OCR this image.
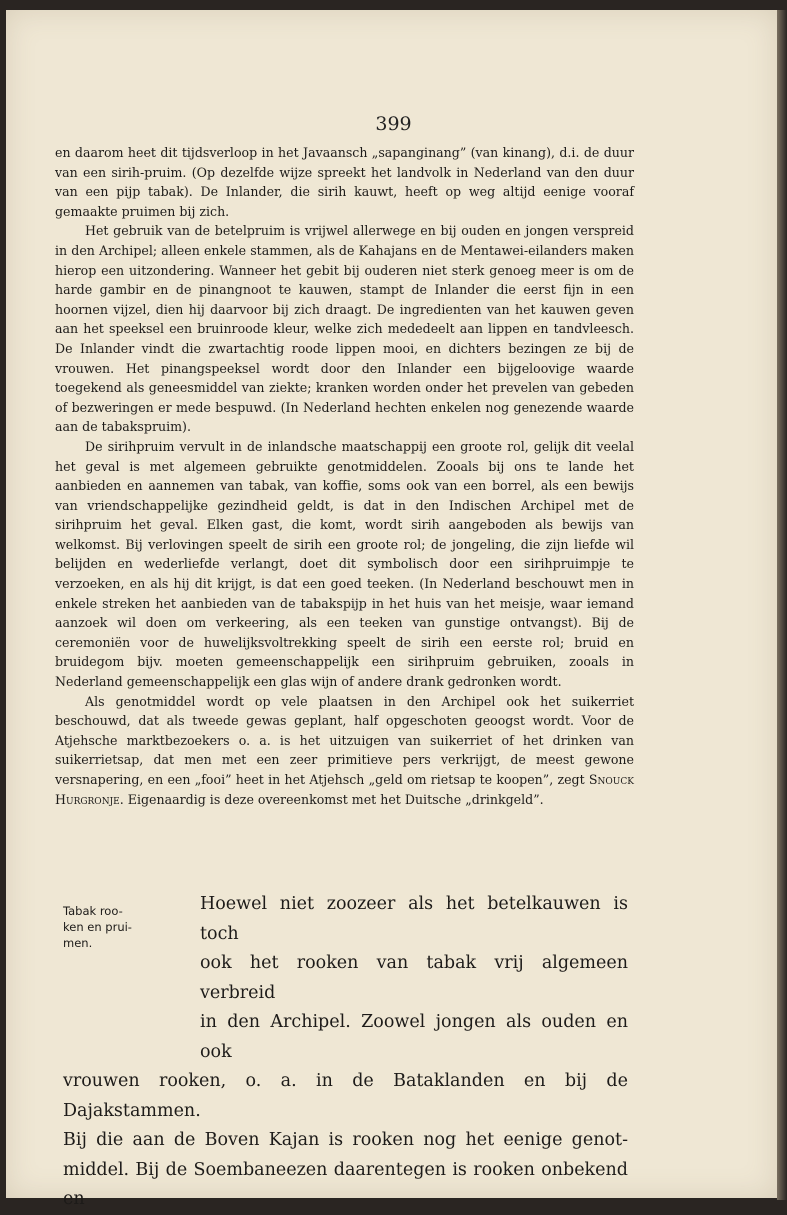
399

en daarom heet dit tijdsverloop in het Javaansch „sapanginang” (van kinang), d.i. de duur van een sirih-pruim. (Op dezelfde wijze spreekt het landvolk in Nederland van den duur van een pijp tabak). De Inlander, die sirih kauwt, heeft op weg altijd eenige vooraf gemaakte pruimen bij zich.

Het gebruik van de betelpruim is vrijwel allerwege en bij ouden en jongen verspreid in den Archipel; alleen enkele stammen, als de Kahajans en de Mentawei-eilanders maken hierop een uitzondering. Wanneer het gebit bij ouderen niet sterk genoeg meer is om de harde gambir en de pinangnoot te kauwen, stampt de Inlander die eerst fijn in een hoornen vijzel, dien hij daarvoor bij zich draagt. De ingredienten van het kauwen geven aan het speeksel een bruinroode kleur, welke zich mededeelt aan lippen en tandvleesch. De Inlander vindt die zwartachtig roode lippen mooi, en dichters bezingen ze bij de vrouwen. Het pinangspeeksel wordt door den Inlander een bijgeloovige waarde toegekend als geneesmiddel van ziekte; kranken worden onder het prevelen van gebeden of bezweringen er mede bespuwd. (In Nederland hechten enkelen nog genezende waarde aan de tabakspruim).

De sirihpruim vervult in de inlandsche maatschappij een groote rol, gelijk dit veelal het geval is met algemeen gebruikte genotmiddelen. Zooals bij ons te lande het aanbieden en aannemen van tabak, van koffie, soms ook van een borrel, als een bewijs van vriendschappelijke gezindheid geldt, is dat in den Indischen Archipel met de sirihpruim het geval. Elken gast, die komt, wordt sirih aangeboden als bewijs van welkomst. Bij verlovingen speelt de sirih een groote rol; de jongeling, die zijn liefde wil belijden en wederliefde verlangt, doet dit symbolisch door een sirihpruimpje te verzoeken, en als hij dit krijgt, is dat een goed teeken. (In Nederland beschouwt men in enkele streken het aanbieden van de tabakspijp in het huis van het meisje, waar iemand aanzoek wil doen om verkeering, als een teeken van gunstige ontvangst). Bij de ceremoniën voor de huwelijksvoltrekking speelt de sirih een eerste rol; bruid en bruidegom bijv. moeten gemeenschappelijk een sirihpruim gebruiken, zooals in Nederland gemeenschappelijk een glas wijn of andere drank gedronken wordt.

Als genotmiddel wordt op vele plaatsen in den Archipel ook het suikerriet beschouwd, dat als tweede gewas geplant, half opgeschoten geoogst wordt. Voor de Atjehsche marktbezoekers o. a. is het uitzuigen van suikerriet of het drinken van suikerrietsap, dat men met een zeer primitieve pers verkrijgt, de meest gewone versnapering, en een „fooi” heet in het Atjehsch „geld om rietsap te koopen”, zegt Snouck Hurgronje. Eigenaardig is deze overeenkomst met het Duitsche „drinkgeld”.

Tabak roo-
ken en prui-
men.
Hoewel niet zoozeer als het betelkauwen is toch
ook het rooken van tabak vrij algemeen verbreid
in den Archipel. Zoowel jongen als ouden en ook
vrouwen rooken, o. a. in de Bataklanden en bij de Dajakstammen.
Bij die aan de Boven Kajan is rooken nog het eenige genot-
middel. Bij de Soembaneezen daarentegen is rooken onbekend en
